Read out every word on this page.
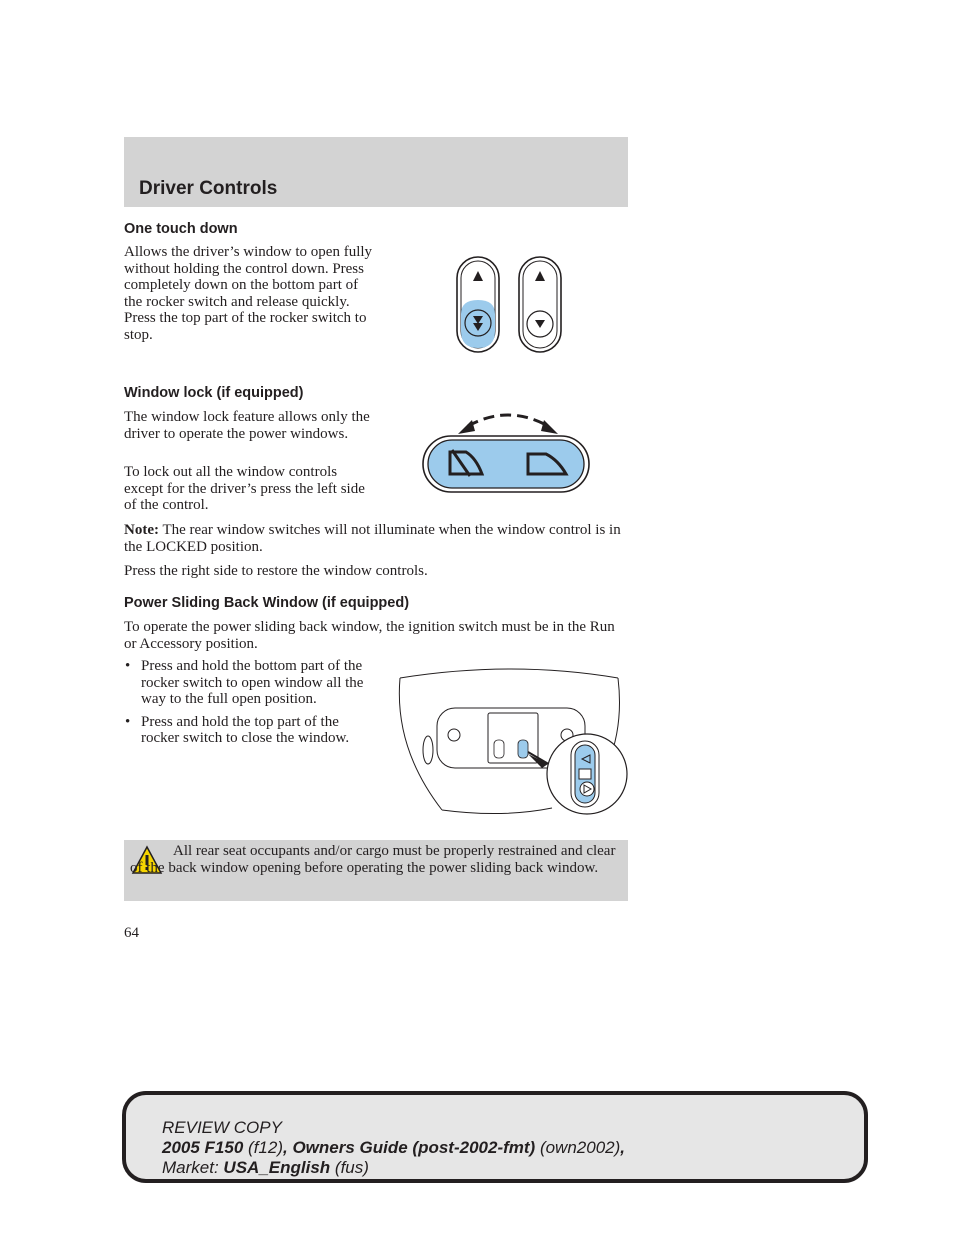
Driver Controls
One touch down
Allows the driver’s window to open fully without holding the control down. Press completely down on the bottom part of the rocker switch and release quickly. Press the top part of the rocker switch to stop.
Window lock (if equipped)
The window lock feature allows only the driver to operate the power windows.
To lock out all the window controls except for the driver’s press the left side of the control.
Note: The rear window switches will not illuminate when the window control is in the LOCKED position.
Press the right side to restore the window controls.
Power Sliding Back Window (if equipped)
To operate the power sliding back window, the ignition switch must be in the Run or Accessory position.
• Press and hold the bottom part of the rocker switch to open window all the way to the full open position.
• Press and hold the top part of the rocker switch to close the window.
All rear seat occupants and/or cargo must be properly restrained and clear of the back window opening before operating the power sliding back window.
64
REVIEW COPY
2005 F150 (f12), Owners Guide (post-2002-fmt) (own2002),
Market: USA_English (fus)
